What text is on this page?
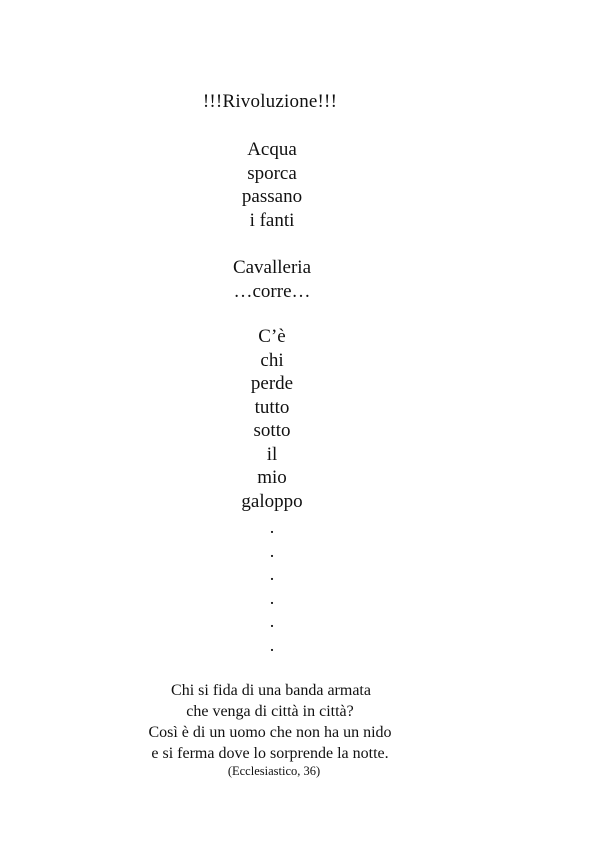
!!!Rivoluzione!!!
Acqua
sporca
passano
i fanti
Cavalleria
…corre…
C’è
chi
perde
tutto
sotto
il
mio
galoppo
.
.
.
.
.
.
Chi si fida di una banda armata
che venga di città in città?
Così è di un uomo che non ha un nido
e si ferma dove lo sorprende la notte.
(Ecclesiastico, 36)
